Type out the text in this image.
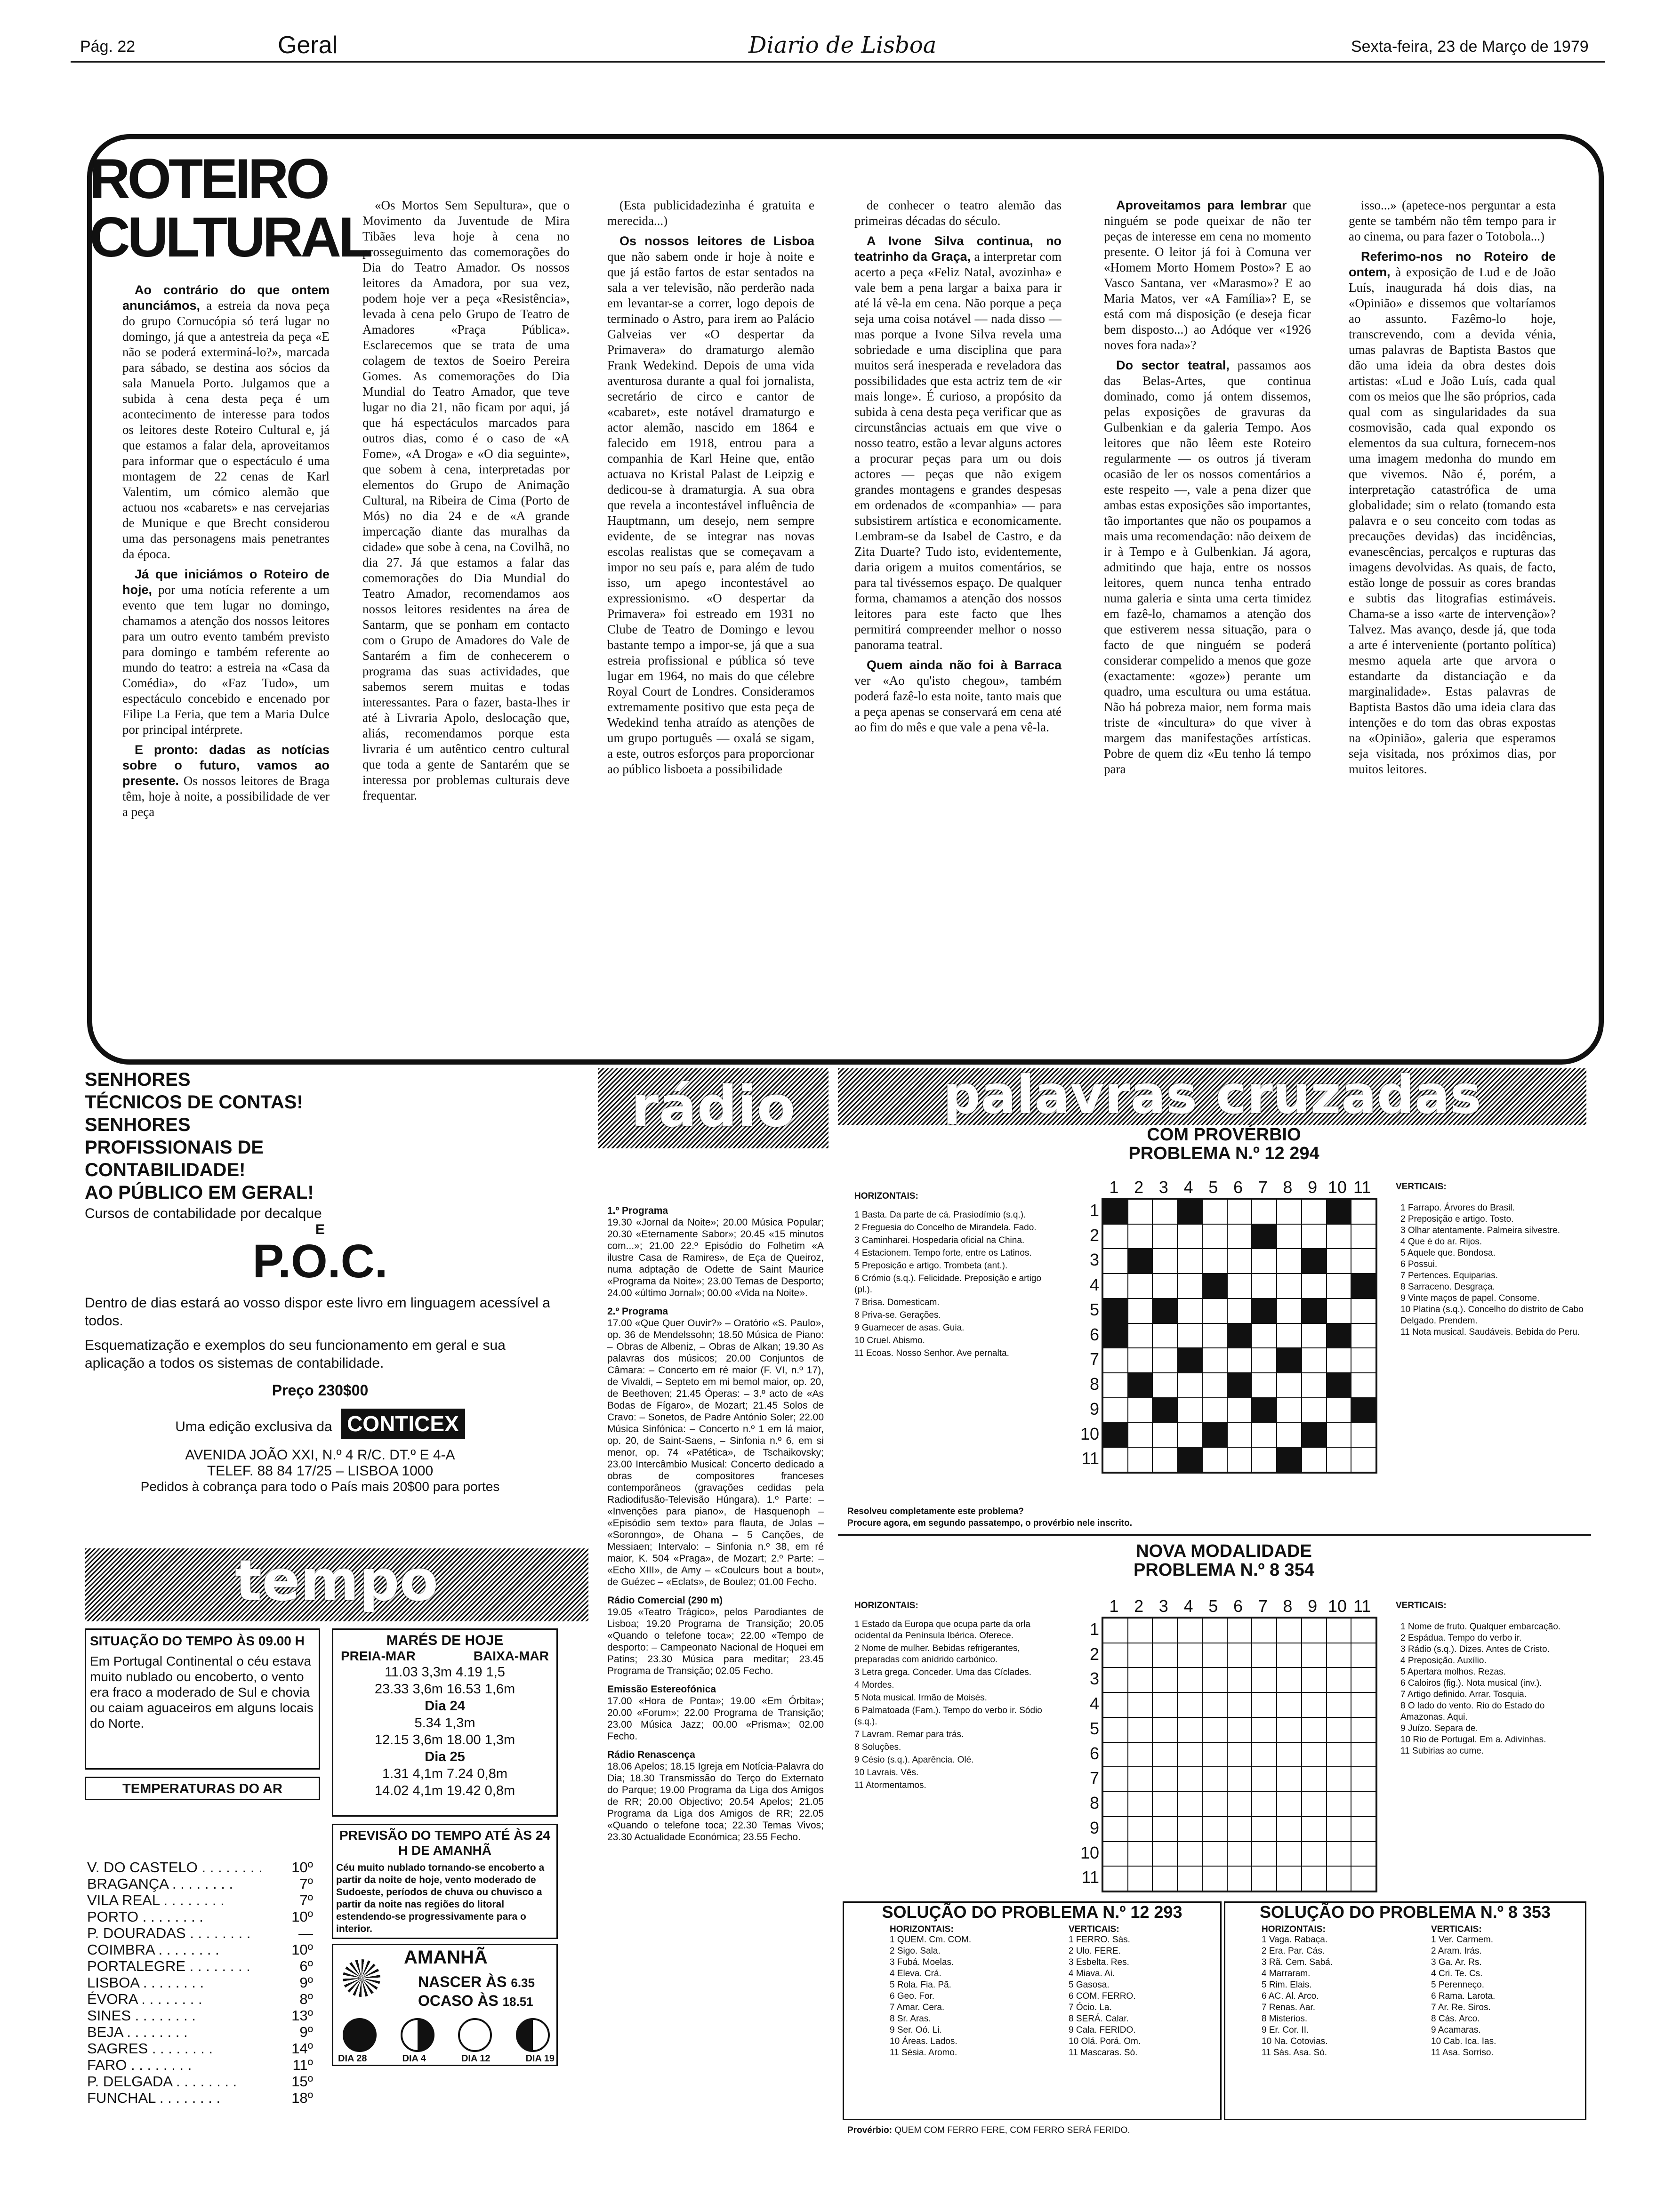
Pág. 22	Geral	Diario de Lisboa	Sexta-feira, 23 de Março de 1979
ROTEIRO
CULTURAL

Ao contrário do que ontem anunciámos, a estreia da nova peça do grupo Cornucópia só terá lugar no domingo, já que a antestreia da peça «E não se poderá exterminá-lo?», marcada para sábado, se destina aos sócios da sala Manuela Porto. Julgamos que a subida à cena desta peça é um acontecimento de interesse para todos os leitores deste Roteiro Cultural e, já que estamos a falar dela, aproveitamos para informar que o espectáculo é uma montagem de 22 cenas de Karl Valentim, um cómico alemão que actuou nos «cabarets» e nas cervejarias de Munique e que Brecht considerou uma das personagens mais penetrantes da época.

Já que iniciámos o Roteiro de hoje, por uma notícia referente a um evento que tem lugar no domingo, chamamos a atenção dos nossos leitores para um outro evento também previsto para domingo e também referente ao mundo do teatro: a estreia na «Casa da Comédia», do «Faz Tudo», um espectáculo concebido e encenado por Filipe La Feria, que tem a Maria Dulce por principal intérprete.

E pronto: dadas as notícias sobre o futuro, vamos ao presente. Os nossos leitores de Braga têm, hoje à noite, a possibilidade de ver a peça

«Os Mortos Sem Sepultura», que o Movimento da Juventude de Mira Tibães leva hoje à cena no prosseguimento das comemorações do Dia do Teatro Amador. Os nossos leitores da Amadora, por sua vez, podem hoje ver a peça «Resistência», levada à cena pelo Grupo de Teatro de Amadores «Praça Pública». Esclarecemos que se trata de uma colagem de textos de Soeiro Pereira Gomes. As comemorações do Dia Mundial do Teatro Amador, que teve lugar no dia 21, não ficam por aqui, já que há espectáculos marcados para outros dias, como é o caso de «A Fome», «A Droga» e «O dia seguinte», que sobem à cena, interpretadas por elementos do Grupo de Animação Cultural, na Ribeira de Cima (Porto de Mós) no dia 24 e de «A grande impercação diante das muralhas da cidade» que sobe à cena, na Covilhã, no dia 27. Já que estamos a falar das comemorações do Dia Mundial do Teatro Amador, recomendamos aos nossos leitores residentes na área de Santarm, que se ponham em contacto com o Grupo de Amadores do Vale de Santarém a fim de conhecerem o programa das suas actividades, que sabemos serem muitas e todas interessantes. Para o fazer, basta-lhes ir até à Livraria Apolo, deslocação que, aliás, recomendamos porque esta livraria é um autêntico centro cultural que toda a gente de Santarém que se interessa por problemas culturais deve frequentar.

(Esta publicidadezinha é gratuita e merecida...)

Os nossos leitores de Lisboa que não sabem onde ir hoje à noite e que já estão fartos de estar sentados na sala a ver televisão, não perderão nada em levantar-se a correr, logo depois de terminado o Astro, para irem ao Palácio Galveias ver «O despertar da Primavera» do dramaturgo alemão Frank Wedekind. Depois de uma vida aventurosa durante a qual foi jornalista, secretário de circo e cantor de «cabaret», este notável dramaturgo e actor alemão, nascido em 1864 e falecido em 1918, entrou para a companhia de Karl Heine que, então actuava no Kristal Palast de Leipzig e dedicou-se à dramaturgia. A sua obra que revela a incontestável influência de Hauptmann, um desejo, nem sempre evidente, de se integrar nas novas escolas realistas que se começavam a impor no seu país e, para além de tudo isso, um apego incontestável ao expressionismo. «O despertar da Primavera» foi estreado em 1931 no Clube de Teatro de Domingo e levou bastante tempo a impor-se, já que a sua estreia profissional e pública só teve lugar em 1964, no mais do que célebre Royal Court de Londres. Consideramos extremamente positivo que esta peça de Wedekind tenha atraído as atenções de um grupo português — oxalá se sigam, a este, outros esforços para proporcionar ao público lisboeta a possibilidade

de conhecer o teatro alemão das primeiras décadas do século.

A Ivone Silva continua, no teatrinho da Graça, a interpretar com acerto a peça «Feliz Natal, avozinha» e vale bem a pena largar a baixa para ir até lá vê-la em cena. Não porque a peça seja uma coisa notável — nada disso — mas porque a Ivone Silva revela uma sobriedade e uma disciplina que para muitos será inesperada e reveladora das possibilidades que esta actriz tem de «ir mais longe». É curioso, a propósito da subida à cena desta peça verificar que as circunstâncias actuais em que vive o nosso teatro, estão a levar alguns actores a procurar peças para um ou dois actores — peças que não exigem grandes montagens e grandes despesas em ordenados de «companhia» — para subsistirem artística e economicamente. Lembram-se da Isabel de Castro, e da Zita Duarte? Tudo isto, evidentemente, daria origem a muitos comentários, se para tal tivéssemos espaço. De qualquer forma, chamamos a atenção dos nossos leitores para este facto que lhes permitirá compreender melhor o nosso panorama teatral.

Quem ainda não foi à Barraca ver «Ao qu'isto chegou», também poderá fazê-lo esta noite, tanto mais que a peça apenas se conservará em cena até ao fim do mês e que vale a pena vê-la.

Aproveitamos para lembrar que ninguém se pode queixar de não ter peças de interesse em cena no momento presente. O leitor já foi à Comuna ver «Homem Morto Homem Posto»? E ao Vasco Santana, ver «Marasmo»? E ao Maria Matos, ver «A Família»? E, se está com má disposição (e deseja ficar bem disposto...) ao Adóque ver «1926 noves fora nada»?

Do sector teatral, passamos aos das Belas-Artes, que continua dominado, como já ontem dissemos, pelas exposições de gravuras da Gulbenkian e da galeria Tempo. Aos leitores que não lêem este Roteiro regularmente — os outros já tiveram ocasião de ler os nossos comentários a este respeito —, vale a pena dizer que ambas estas exposições são importantes, tão importantes que não os poupamos a mais uma recomendação: não deixem de ir à Tempo e à Gulbenkian. Já agora, admitindo que haja, entre os nossos leitores, quem nunca tenha entrado numa galeria e sinta uma certa timidez em fazê-lo, chamamos a atenção dos que estiverem nessa situação, para o facto de que ninguém se poderá considerar compelido a menos que goze (exactamente: «goze») perante um quadro, uma escultura ou uma estátua. Não há pobreza maior, nem forma mais triste de «incultura» do que viver à margem das manifestações artísticas. Pobre de quem diz «Eu tenho lá tempo para

isso...» (apetece-nos perguntar a esta gente se também não têm tempo para ir ao cinema, ou para fazer o Totobola...)

Referimo-nos no Roteiro de ontem, à exposição de Lud e de João Luís, inaugurada há dois dias, na «Opinião» e dissemos que voltaríamos ao assunto. Fazêmo-lo hoje, transcrevendo, com a devida vénia, umas palavras de Baptista Bastos que dão uma ideia da obra destes dois artistas: «Lud e João Luís, cada qual com os meios que lhe são próprios, cada qual com as singularidades da sua cosmovisão, cada qual expondo os elementos da sua cultura, fornecem-nos uma imagem medonha do mundo em que vivemos. Não é, porém, a interpretação catastrófica de uma globalidade; sim o relato (tomando esta palavra e o seu conceito com todas as precauções devidas) das incidências, evanescências, percalços e rupturas das imagens devolvidas. As quais, de facto, estão longe de possuir as cores brandas e subtis das litografias estimáveis. Chama-se a isso «arte de intervenção»? Talvez. Mas avanço, desde já, que toda a arte é interveniente (portanto política) mesmo aquela arte que arvora o estandarte da distanciação e da marginalidade». Estas palavras de Baptista Bastos dão uma ideia clara das intenções e do tom das obras expostas na «Opinião», galeria que esperamos seja visitada, nos próximos dias, por muitos leitores.

SENHORES
TÉCNICOS DE CONTAS!
SENHORES
PROFISSIONAIS DE
CONTABILIDADE!
AO PÚBLICO EM GERAL!
Cursos de contabilidade por decalque
E
P.O.C.
Dentro de dias estará ao vosso dispor este livro em linguagem acessível a todos.
Esquematização e exemplos do seu funcionamento em geral e sua aplicação a todos os sistemas de contabilidade.
Preço 230$00
Uma edição exclusiva da CONTICEX
AVENIDA JOÃO XXI, N.º 4 R/C. DT.º E 4-A
TELEF. 88 84 17/25 – LISBOA 1000
Pedidos à cobrança para todo o País mais 20$00 para portes
tempo
SITUAÇÃO DO TEMPO ÀS 09.00 H
Em Portugal Continental o céu estava muito nublado ou encoberto, o vento era fraco a moderado de Sul e chovia ou caiam aguaceiros em alguns locais do Norte.
TEMPERATURAS DO AR
V. DO CASTELO . . . . . . . . 10º
BRAGANÇA . . . . . . . .	7º
VILA REAL . . . . . . . .	7º
PORTO . . . . . . . .	10º
P. DOURADAS . . . . . . . .	—
COIMBRA . . . . . . . .	10º
PORTALEGRE . . . . . . . .	6º
LISBOA . . . . . . . .	9º
ÉVORA . . . . . . . .	8º
SINES . . . . . . . .	13º
BEJA . . . . . . . .	9º
SAGRES . . . . . . . .	14º
FARO . . . . . . . .	11º
P. DELGADA . . . . . . . .	15º
FUNCHAL . . . . . . . .	18º
MARÉS DE HOJE
PREIA-MAR	BAIXA-MAR
11.03 3,3m 4.19 1,5
23.33 3,6m 16.53 1,6m
Dia 24
5.34 1,3m
12.15 3,6m 18.00 1,3m
Dia 25
1.31 4,1m 7.24 0,8m
14.02 4,1m 19.42 0,8m
PREVISÃO DO TEMPO ATÉ ÀS 24 H DE AMANHÃ
Céu muito nublado tornando-se encoberto a partir da noite de hoje, vento moderado de Sudoeste, períodos de chuva ou chuvisco a partir da noite nas regiões do litoral estendendo-se progressivamente para o interior.
AMANHÃ
NASCER ÀS 6.35
OCASO ÀS 18.51
DIA 28	DIA 4	DIA 12	DIA 19
rádio
1.º Programa
19.30 «Jornal da Noite»; 20.00 Música Popular; 20.30 «Eternamente Sabor»; 20.45 «15 minutos com...»; 21.00 22.º Episódio do Folhetim «A ilustre Casa de Ramires», de Eça de Queiroz, numa adptação de Odette de Saint Maurice «Programa da Noite»; 23.00 Temas de Desporto; 24.00 «último Jornal»; 00.00 «Vida na Noite».
2.º Programa
17.00 «Que Quer Ouvir?» – Oratório «S. Paulo», op. 36 de Mendelssohn; 18.50 Música de Piano: – Obras de Albeniz, – Obras de Alkan; 19.30 As palavras dos músicos; 20.00 Conjuntos de Câmara: – Concerto em ré maior (F. VI, n.º 17), de Vivaldi, – Septeto em mi bemol maior, op. 20, de Beethoven; 21.45 Óperas: – 3.º acto de «As Bodas de Fígaro», de Mozart; 21.45 Solos de Cravo: – Sonetos, de Padre António Soler; 22.00 Música Sinfónica: – Concerto n.º 1 em lá maior, op. 20, de Saint-Saens, – Sinfonia n.º 6, em si menor, op. 74 «Patética», de Tschaikovsky; 23.00 Intercâmbio Musical: Concerto dedicado a obras de compositores franceses contemporâneos (gravações cedidas pela Radiodifusão-Televisão Húngara). 1.º Parte: – «Invenções para piano», de Hasquenoph – «Episódio sem texto» para flauta, de Jolas – «Soronngo», de Ohana – 5 Canções, de Messiaen; Intervalo: – Sinfonia n.º 38, em ré maior, K. 504 «Praga», de Mozart; 2.º Parte: – «Echo XIII», de Amy – «Coulcurs bout a bout», de Guézec – «Eclats», de Boulez; 01.00 Fecho.
Rádio Comercial (290 m)
19.05 «Teatro Trágico», pelos Parodiantes de Lisboa; 19.20 Programa de Transição; 20.05 «Quando o telefone toca»; 22.00 «Tempo de desporto: – Campeonato Nacional de Hoquei em Patins; 23.30 Música para meditar; 23.45 Programa de Transição; 02.05 Fecho.
Emissão Estereofónica
17.00 «Hora de Ponta»; 19.00 «Em Órbita»; 20.00 «Forum»; 22.00 Programa de Transição; 23.00 Música Jazz; 00.00 «Prisma»; 02.00 Fecho.
Rádio Renascença
18.06 Apelos; 18.15 Igreja em Notícia-Palavra do Dia; 18.30 Transmissão do Terço do Externato do Parque; 19.00 Programa da Liga dos Amigos de RR; 20.00 Objectivo; 20.54 Apelos; 21.05 Programa da Liga dos Amigos de RR; 22.05 «Quando o telefone toca; 22.30 Temas Vivos; 23.30 Actualidade Económica; 23.55 Fecho.
palavras cruzadas
COM PROVÉRBIO
PROBLEMA N.º 12 294
HORIZONTAIS:
1 Basta. Da parte de cá. Prasiodímio (s.q.).
2 Freguesia do Concelho de Mirandela. Fado.
3 Caminharei. Hospedaria oficial na China.
4 Estacionem. Tempo forte, entre os Latinos.
5 Preposição e artigo. Trombeta (ant.).
6 Crómio (s.q.). Felicidade. Preposição e artigo (pl.).
7 Brisa. Domesticam.
8 Priva-se. Gerações.
9 Guarnecer de asas. Guia.
10 Cruel. Abismo.
11 Ecoas. Nosso Senhor. Ave pernalta.
VERTICAIS:
1 Farrapo. Árvores do Brasil.
2 Preposição e artigo. Tosto.
3 Olhar atentamente. Palmeira silvestre.
4 Que é do ar. Rijos.
5 Aquele que. Bondosa.
6 Possui.
7 Pertences. Equiparias.
8 Sarraceno. Desgraça.
9 Vinte maços de papel. Consome.
10 Platina (s.q.). Concelho do distrito de Cabo Delgado. Prendem.
11 Nota musical. Saudáveis. Bebida do Peru.
1 2 3 4 5 6 7 8 9 10 11
1
2
3
4
5
6
7
8
9
10
11
Resolveu completamente este problema?
Procure agora, em segundo passatempo, o provérbio nele inscrito.
NOVA MODALIDADE
PROBLEMA N.º 8 354
HORIZONTAIS:
1 Estado da Europa que ocupa parte da orla ocidental da Península Ibérica. Oferece.
2 Nome de mulher. Bebidas refrigerantes, preparadas com anídrido carbónico.
3 Letra grega. Conceder. Uma das Cíclades.
4 Mordes.
5 Nota musical. Irmão de Moisés.
6 Palmatoada (Fam.). Tempo do verbo ir. Sódio (s.q.).
7 Lavram. Remar para trás.
8 Soluções.
9 Césio (s.q.). Aparência. Olé.
10 Lavrais. Vês.
11 Atormentamos.
VERTICAIS:
1 Nome de fruto. Qualquer embarcação.
2 Espádua. Tempo do verbo ir.
3 Rádio (s.q.). Dizes. Antes de Cristo.
4 Preposição. Auxílio.
5 Apertara molhos. Rezas.
6 Caloiros (fig.). Nota musical (inv.).
7 Artigo definido. Arrar. Tosquia.
8 O lado do vento. Rio do Estado do Amazonas. Aqui.
9 Juízo. Separa de.
10 Rio de Portugal. Em a. Adivinhas.
11 Subirias ao cume.
1 2 3 4 5 6 7 8 9 10 11
1
2
3
4
5
6
7
8
9
10
11
SOLUÇÃO DO PROBLEMA N.º 12 293
HORIZONTAIS:
1 QUEM. Cm. COM.
2 Sigo. Sala.
3 Fubá. Moelas.
4 Eleva. Crá.
5 Rola. Fia. Pã.
6 Geo. For.
7 Amar. Cera.
8 Sr. Aras.
9 Ser. Oó. Li.
10 Áreas. Lados.
11 Sésia. Aromo.
VERTICAIS:
1 FERRO. Sás.
2 Ulo. FERE.
3 Esbelta. Res.
4 Miava. Ai.
5 Gasosa.
6 COM. FERRO.
7 Ócio. La.
8 SERÁ. Calar.
9 Cala. FERIDO.
10 Olá. Porá. Om.
11 Mascaras. Só.
SOLUÇÃO DO PROBLEMA N.º 8 353
HORIZONTAIS:
1 Vaga. Rabaça.
2 Era. Par. Cás.
3 Rã. Cem. Sabá.
4 Marraram.
5 Rim. Elais.
6 AC. Al. Arco.
7 Renas. Aar.
8 Misterios.
9 Er. Cor. II.
10 Na. Cotovias.
11 Sás. Asa. Só.
VERTICAIS:
1 Ver. Carmem.
2 Aram. Irás.
3 Ga. Ar. Rs.
4 Cri. Te. Cs.
5 Perenneço.
6 Rama. Larota.
7 Ar. Re. Siros.
8 Cás. Arco.
9 Acamaras.
10 Cab. Ica. Ias.
11 Asa. Sorriso.
Provérbio: QUEM COM FERRO FERE, COM FERRO SERÁ FERIDO.
